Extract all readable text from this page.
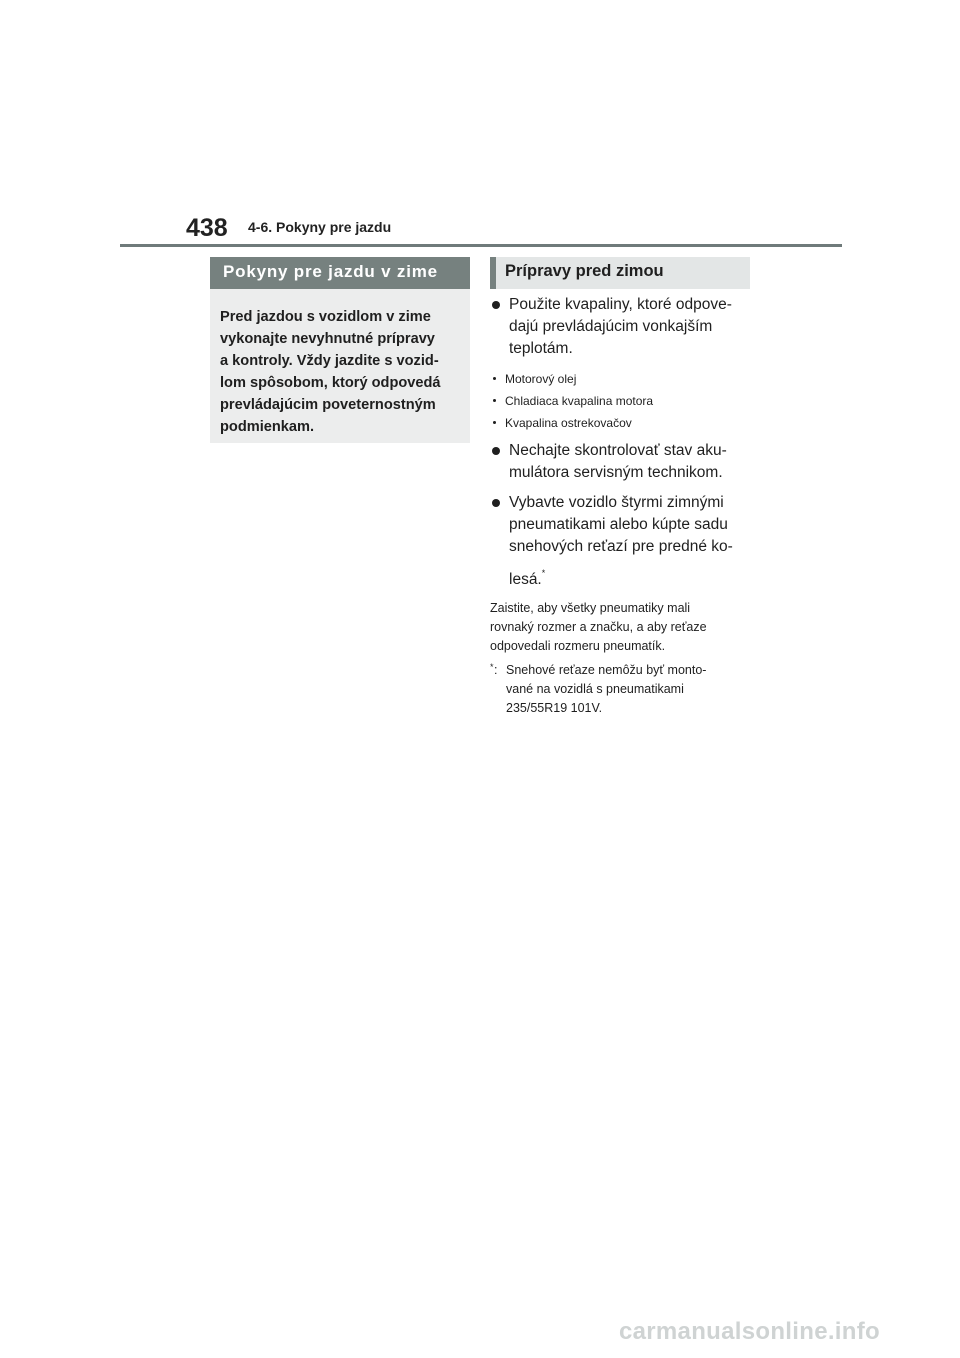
438 4-6. Pokyny pre jazdu
Pokyny pre jazdu v zime
Pred jazdou s vozidlom v zime
vykonajte nevyhnutné prípravy
a kontroly. Vždy jazdite s vozid-
lom spôsobom, ktorý odpovedá
prevládajúcim poveternostným
podmienkam.
Prípravy pred zimou
Použite kvapaliny, ktoré odpove-
dajú prevládajúcim vonkajším
teplotám.
Motorový olej
Chladiaca kvapalina motora
Kvapalina ostrekovačov
Nechajte skontrolovať stav aku-
mulátora servisným technikom.
Vybavte vozidlo štyrmi zimnými
pneumatikami alebo kúpte sadu
snehových reťazí pre predné ko-
lesá.*
Zaistite, aby všetky pneumatiky mali
rovnaký rozmer a značku, a aby reťaze
odpovedali rozmeru pneumatík.
* : Snehové reťaze nemôžu byť monto-
vané na vozidlá s pneumatikami
235/55R19 101V.
carmanualsonline.info
